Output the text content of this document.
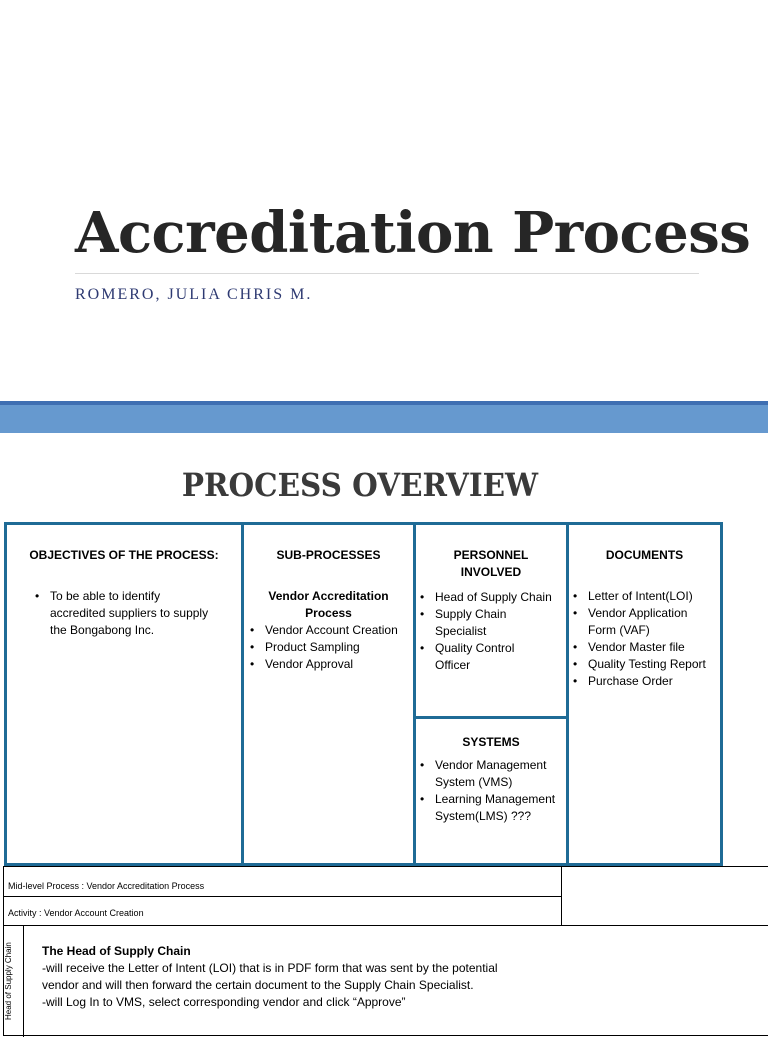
Accreditation Process
ROMERO, JULIA CHRIS M.
PROCESS OVERVIEW
OBJECTIVES OF THE PROCESS:
• To be able to identify accredited suppliers to supply the Bongabong Inc.
SUB-PROCESSES
Vendor Accreditation Process
• Vendor Account Creation
• Product Sampling
• Vendor Approval
PERSONNEL INVOLVED
• Head of Supply Chain
• Supply Chain Specialist
• Quality Control Officer
SYSTEMS
• Vendor Management System (VMS)
• Learning Management System(LMS) ???
DOCUMENTS
• Letter of Intent(LOI)
• Vendor Application Form (VAF)
• Vendor Master file
• Quality Testing Report
• Purchase Order
Mid-level Process : Vendor Accreditation Process
Activity : Vendor Account Creation
Head of Supply Chain	The Head of Supply Chain
-will receive the Letter of Intent (LOI) that is in PDF form that was sent by the potential vendor and will then forward the certain document to the Supply Chain Specialist.
-will Log In to VMS, select corresponding vendor and click “Approve”
